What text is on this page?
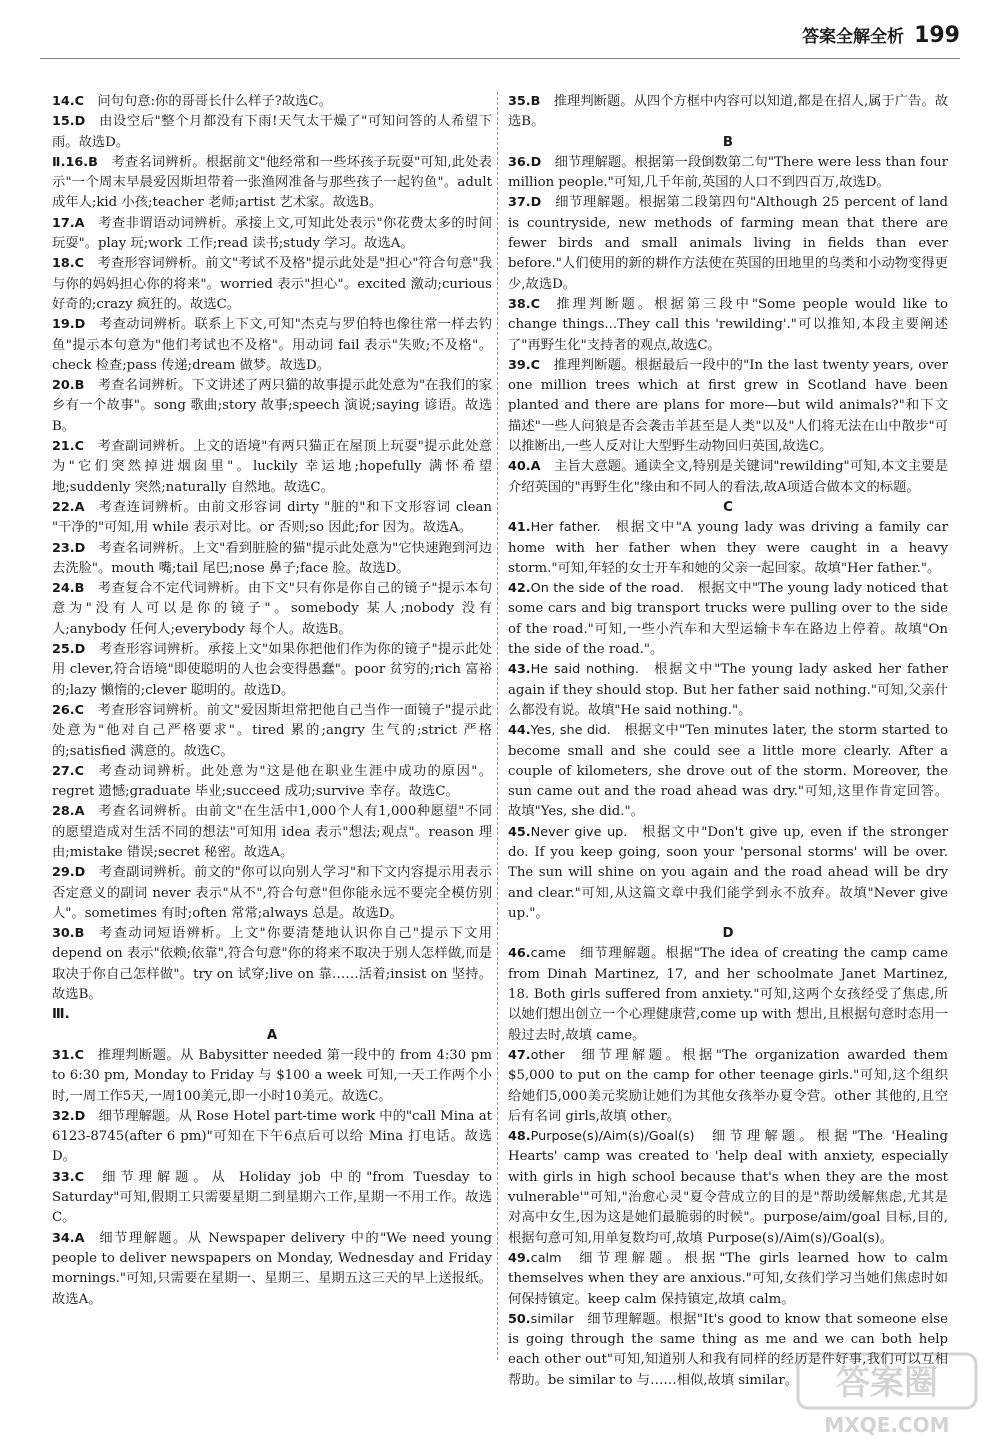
答案全解全析 199

14.C  问句句意:你的哥哥长什么样子?故选C。

15.D  由设空后"整个月都没有下雨!天气太干燥了"可知问答的人希望下雨。故选D。

Ⅱ.16.B  考查名词辨析。根据前文"他经常和一些坏孩子玩耍"可知,此处表示"一个周末早晨爱因斯坦带着一张渔网准备与那些孩子一起钓鱼"。adult 成年人;kid 小孩;teacher 老师;artist 艺术家。故选B。

17.A  考查非谓语动词辨析。承接上文,可知此处表示"你花费太多的时间玩耍"。play 玩;work 工作;read 读书;study 学习。故选A。

18.C  考查形容词辨析。前文"考试不及格"提示此处是"担心"符合句意"我与你的妈妈担心你的将来"。worried 表示"担心"。excited 激动;curious 好奇的;crazy 疯狂的。故选C。

19.D  考查动词辨析。联系上下文,可知"杰克与罗伯特也像往常一样去钓鱼"提示本句意为"他们考试也不及格"。用动词 fail 表示"失败;不及格"。check 检查;pass 传递;dream 做梦。故选D。

20.B  考查名词辨析。下文讲述了两只猫的故事提示此处意为"在我们的家乡有一个故事"。song 歌曲;story 故事;speech 演说;saying 谚语。故选B。

21.C  考查副词辨析。上文的语境"有两只猫正在屋顶上玩耍"提示此处意为"它们突然掉进烟囱里"。luckily 幸运地;hopefully 满怀希望地;suddenly 突然;naturally 自然地。故选C。

22.A  考查连词辨析。由前文形容词 dirty "脏的"和下文形容词 clean "干净的"可知,用 while 表示对比。or 否则;so 因此;for 因为。故选A。

23.D  考查名词辨析。上文"看到脏脸的猫"提示此处意为"它快速跑到河边去洗脸"。mouth 嘴;tail 尾巴;nose 鼻子;face 脸。故选D。

24.B  考查复合不定代词辨析。由下文"只有你是你自己的镜子"提示本句意为"没有人可以是你的镜子"。somebody 某人;nobody 没有人;anybody 任何人;everybody 每个人。故选B。

25.D  考查形容词辨析。承接上文"如果你把他们作为你的镜子"提示此处用 clever,符合语境"即使聪明的人也会变得愚蠢"。poor 贫穷的;rich 富裕的;lazy 懒惰的;clever 聪明的。故选D。

26.C  考查形容词辨析。前文"爱因斯坦常把他自己当作一面镜子"提示此处意为"他对自己严格要求"。tired 累的;angry 生气的;strict 严格的;satisfied 满意的。故选C。

27.C  考查动词辨析。此处意为"这是他在职业生涯中成功的原因"。regret 遗憾;graduate 毕业;succeed 成功;survive 幸存。故选C。

28.A  考查名词辨析。由前文"在生活中1,000个人有1,000种愿望"不同的愿望造成对生活不同的想法"可知用 idea 表示"想法;观点"。reason 理由;mistake 错误;secret 秘密。故选A。

29.D  考查副词辨析。前文的"你可以向别人学习"和下文内容提示用表示否定意义的副词 never 表示"从不",符合句意"但你能永远不要完全模仿别人"。sometimes 有时;often 常常;always 总是。故选D。

30.B  考查动词短语辨析。上文"你要清楚地认识你自己"提示下文用 depend on 表示"依赖;依靠",符合句意"你的将来不取决于别人怎样做,而是取决于你自己怎样做"。try on 试穿;live on 靠……活着;insist on 坚持。故选B。

Ⅲ.

A

31.C  推理判断题。从 Babysitter needed 第一段中的 from 4:30 pm to 6:30 pm, Monday to Friday 与 $100 a week 可知,一天工作两个小时,一周工作5天,一周100美元,即一小时10美元。故选C。

32.D  细节理解题。从 Rose Hotel part-time work 中的"call Mina at 6123-8745(after 6 pm)"可知在下午6点后可以给 Mina 打电话。故选D。

33.C  细节理解题。从 Holiday job 中的"from Tuesday to Saturday"可知,假期工只需要星期二到星期六工作,星期一不用工作。故选C。

34.A  细节理解题。从 Newspaper delivery 中的"We need young people to deliver newspapers on Monday, Wednesday and Friday mornings."可知,只需要在星期一、星期三、星期五这三天的早上送报纸。故选A。

35.B  推理判断题。从四个方框中内容可以知道,都是在招人,属于广告。故选B。

B

36.D  细节理解题。根据第一段倒数第二句"There were less than four million people."可知,几千年前,英国的人口不到四百万,故选D。

37.D  细节理解题。根据第二段第四句"Although 25 percent of land is countryside, new methods of farming mean that there are fewer birds and small animals living in fields than ever before."人们使用的新的耕作方法使在英国的田地里的鸟类和小动物变得更少,故选D。

38.C  推理判断题。根据第三段中"Some people would like to change things...They call this 'rewilding'."可以推知,本段主要阐述了"再野生化"支持者的观点,故选C。

39.C  推理判断题。根据最后一段中的"In the last twenty years, over one million trees which at first grew in Scotland have been planted and there are plans for more—but wild animals?"和下文描述"一些人问狼是否会袭击羊甚至是人类"以及"人们将无法在山中散步"可以推断出,一些人反对让大型野生动物回归英国,故选C。

40.A  主旨大意题。通读全文,特别是关键词"rewilding"可知,本文主要是介绍英国的"再野生化"缘由和不同人的看法,故A项适合做本文的标题。

C

41.Her father.  根据文中"A young lady was driving a family car home with her father when they were caught in a heavy storm."可知,年轻的女士开车和她的父亲一起回家。故填"Her father."。

42.On the side of the road.  根据文中"The young lady noticed that some cars and big transport trucks were pulling over to the side of the road."可知,一些小汽车和大型运输卡车在路边上停着。故填"On the side of the road."。

43.He said nothing.  根据文中"The young lady asked her father again if they should stop. But her father said nothing."可知,父亲什么都没有说。故填"He said nothing."。

44.Yes, she did.  根据文中"Ten minutes later, the storm started to become small and she could see a little more clearly. After a couple of kilometers, she drove out of the storm. Moreover, the sun came out and the road ahead was dry."可知,这里作肯定回答。故填"Yes, she did."。

45.Never give up.  根据文中"Don't give up, even if the stronger do. If you keep going, soon your 'personal storms' will be over. The sun will shine on you again and the road ahead will be dry and clear."可知,从这篇文章中我们能学到永不放弃。故填"Never give up."。

D

46.came  细节理解题。根据"The idea of creating the camp came from Dinah Martinez, 17, and her schoolmate Janet Martinez, 18. Both girls suffered from anxiety."可知,这两个女孩经受了焦虑,所以她们想出创立一个心理健康营,come up with 想出,且根据句意时态用一般过去时,故填 came。

47.other  细节理解题。根据"The organization awarded them $5,000 to put on the camp for other teenage girls."可知,这个组织给她们5,000美元奖励让她们为其他女孩举办夏令营。other 其他的,且空后有名词 girls,故填 other。

48.Purpose(s)/Aim(s)/Goal(s)  细节理解题。根据"The 'Healing Hearts' camp was created to 'help deal with anxiety, especially with girls in high school because that's when they are the most vulnerable'"可知,"治愈心灵"夏令营成立的目的是"帮助缓解焦虑,尤其是对高中女生,因为这是她们最脆弱的时候"。purpose/aim/goal 目标,目的,根据句意可知,用单复数均可,故填 Purpose(s)/Aim(s)/Goal(s)。

49.calm  细节理解题。根据"The girls learned how to calm themselves when they are anxious."可知,女孩们学习当她们焦虑时如何保持镇定。keep calm 保持镇定,故填 calm。

50.similar  细节理解题。根据"It's good to know that someone else is going through the same thing as me and we can both help each other out"可知,知道别人和我有同样的经历是件好事,我们可以互相帮助。be similar to 与……相似,故填 similar。	答案圈
MXQE.COM
